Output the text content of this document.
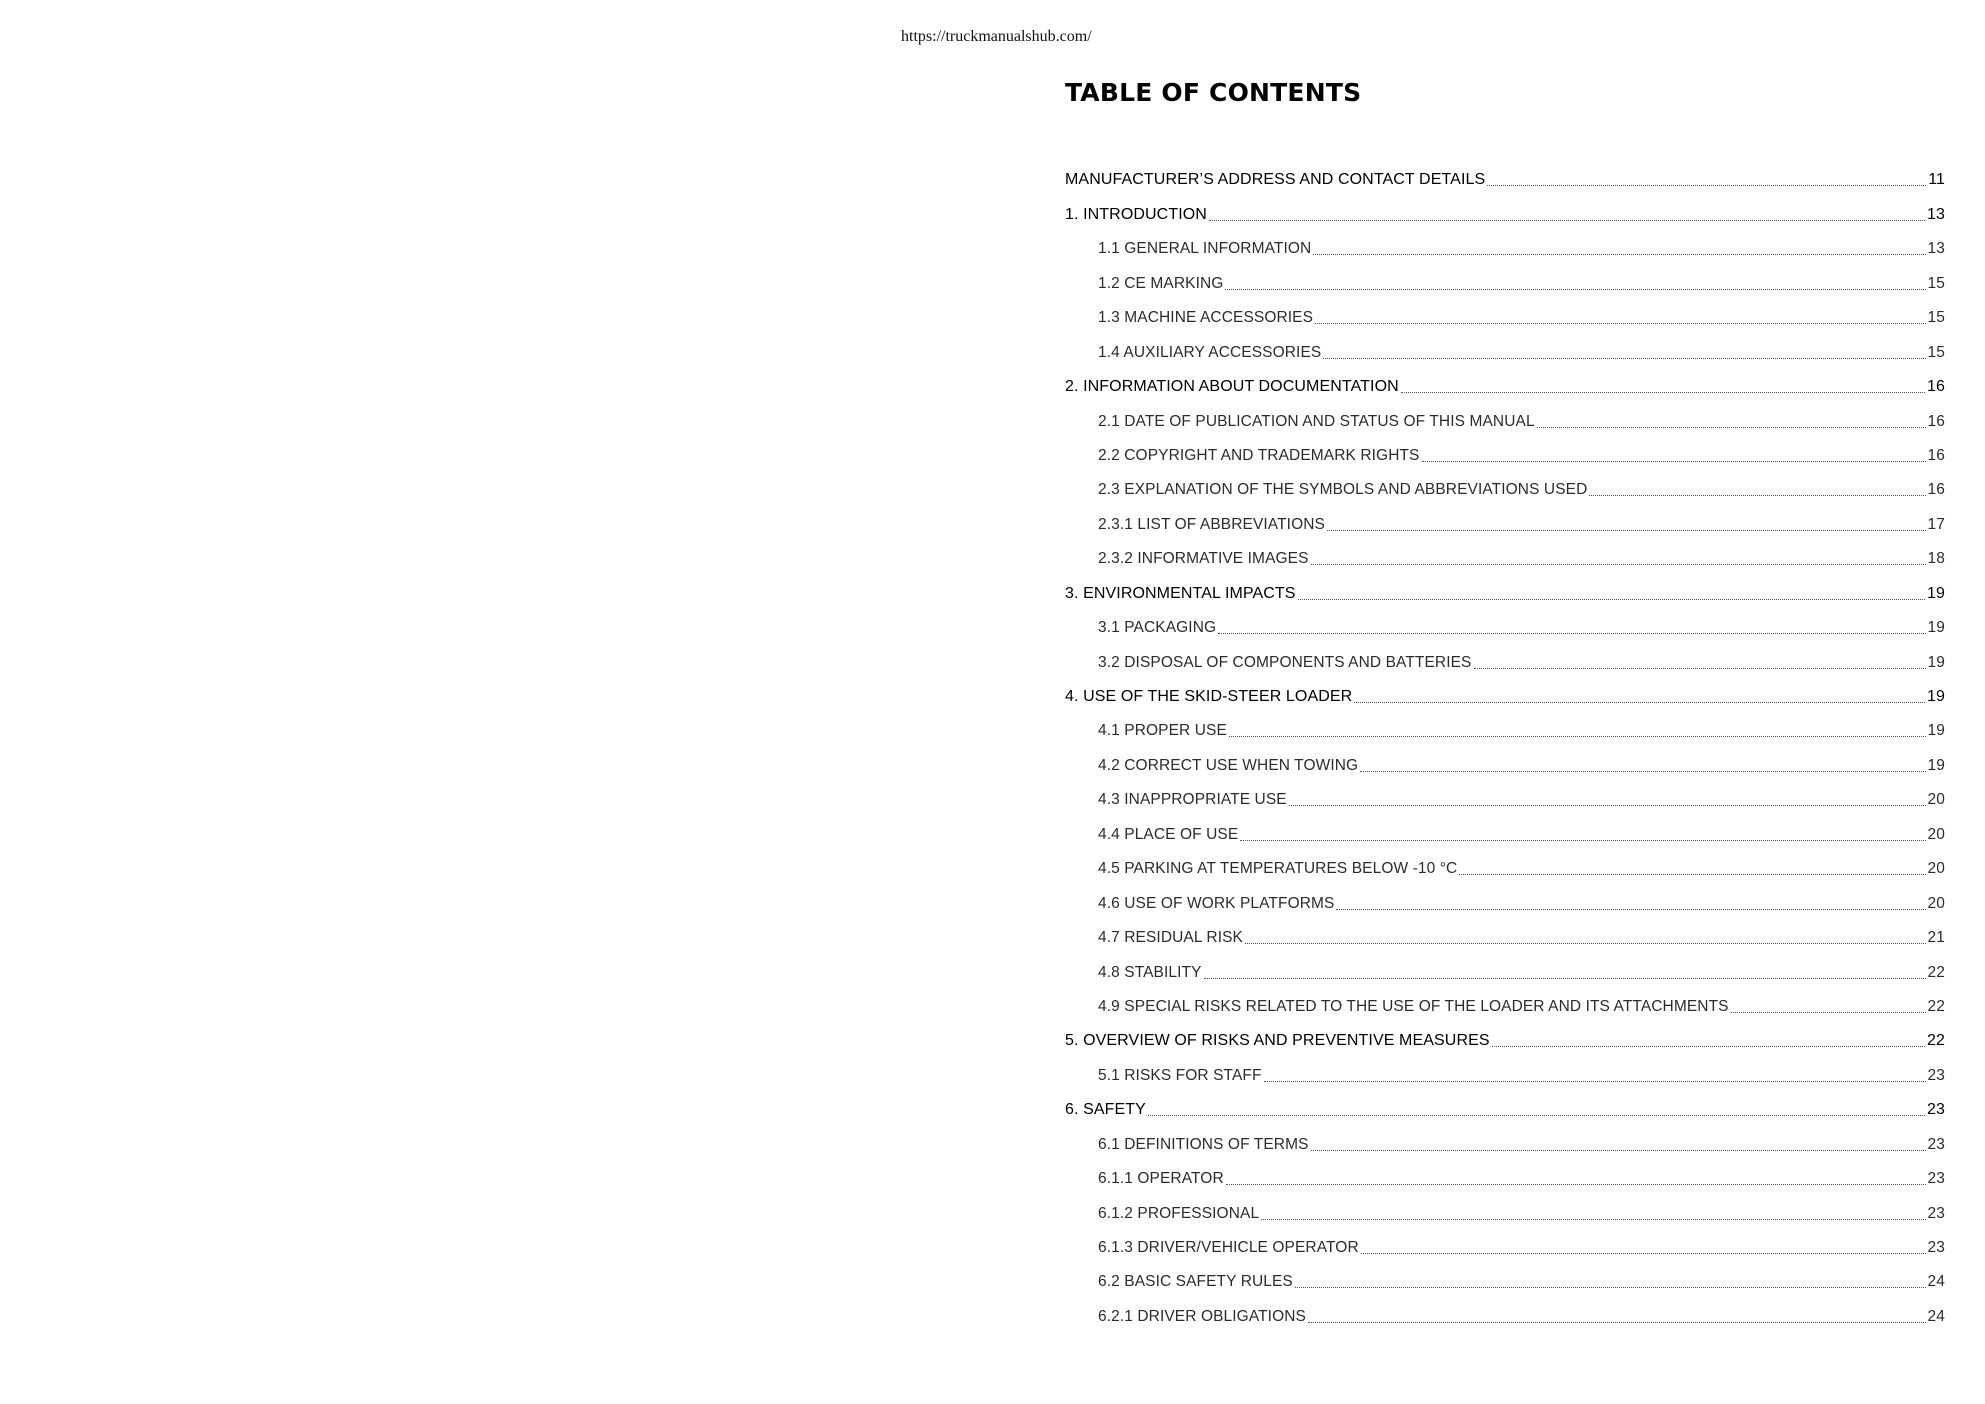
https://truckmanualshub.com/
TABLE OF CONTENTS
MANUFACTURER’S ADDRESS AND CONTACT DETAILS	11
1. INTRODUCTION	13
1.1 GENERAL INFORMATION	13
1.2 CE MARKING	15
1.3 MACHINE ACCESSORIES	15
1.4 AUXILIARY ACCESSORIES	15
2. INFORMATION ABOUT DOCUMENTATION	16
2.1 DATE OF PUBLICATION AND STATUS OF THIS MANUAL	16
2.2 COPYRIGHT AND TRADEMARK RIGHTS	16
2.3 EXPLANATION OF THE SYMBOLS AND ABBREVIATIONS USED	16
2.3.1 LIST OF ABBREVIATIONS	17
2.3.2 INFORMATIVE IMAGES	18
3. ENVIRONMENTAL IMPACTS	19
3.1 PACKAGING	19
3.2 DISPOSAL OF COMPONENTS AND BATTERIES	19
4. USE OF THE SKID-STEER LOADER	19
4.1 PROPER USE	19
4.2 CORRECT USE WHEN TOWING	19
4.3 INAPPROPRIATE USE	20
4.4 PLACE OF USE	20
4.5 PARKING AT TEMPERATURES BELOW -10 °C	20
4.6 USE OF WORK PLATFORMS	20
4.7 RESIDUAL RISK	21
4.8 STABILITY	22
4.9 SPECIAL RISKS RELATED TO THE USE OF THE LOADER AND ITS ATTACHMENTS	22
5. OVERVIEW OF RISKS AND PREVENTIVE MEASURES	22
5.1 RISKS FOR STAFF	23
6. SAFETY	23
6.1 DEFINITIONS OF TERMS	23
6.1.1 OPERATOR	23
6.1.2 PROFESSIONAL	23
6.1.3 DRIVER/VEHICLE OPERATOR	23
6.2 BASIC SAFETY RULES	24
6.2.1 DRIVER OBLIGATIONS	24
